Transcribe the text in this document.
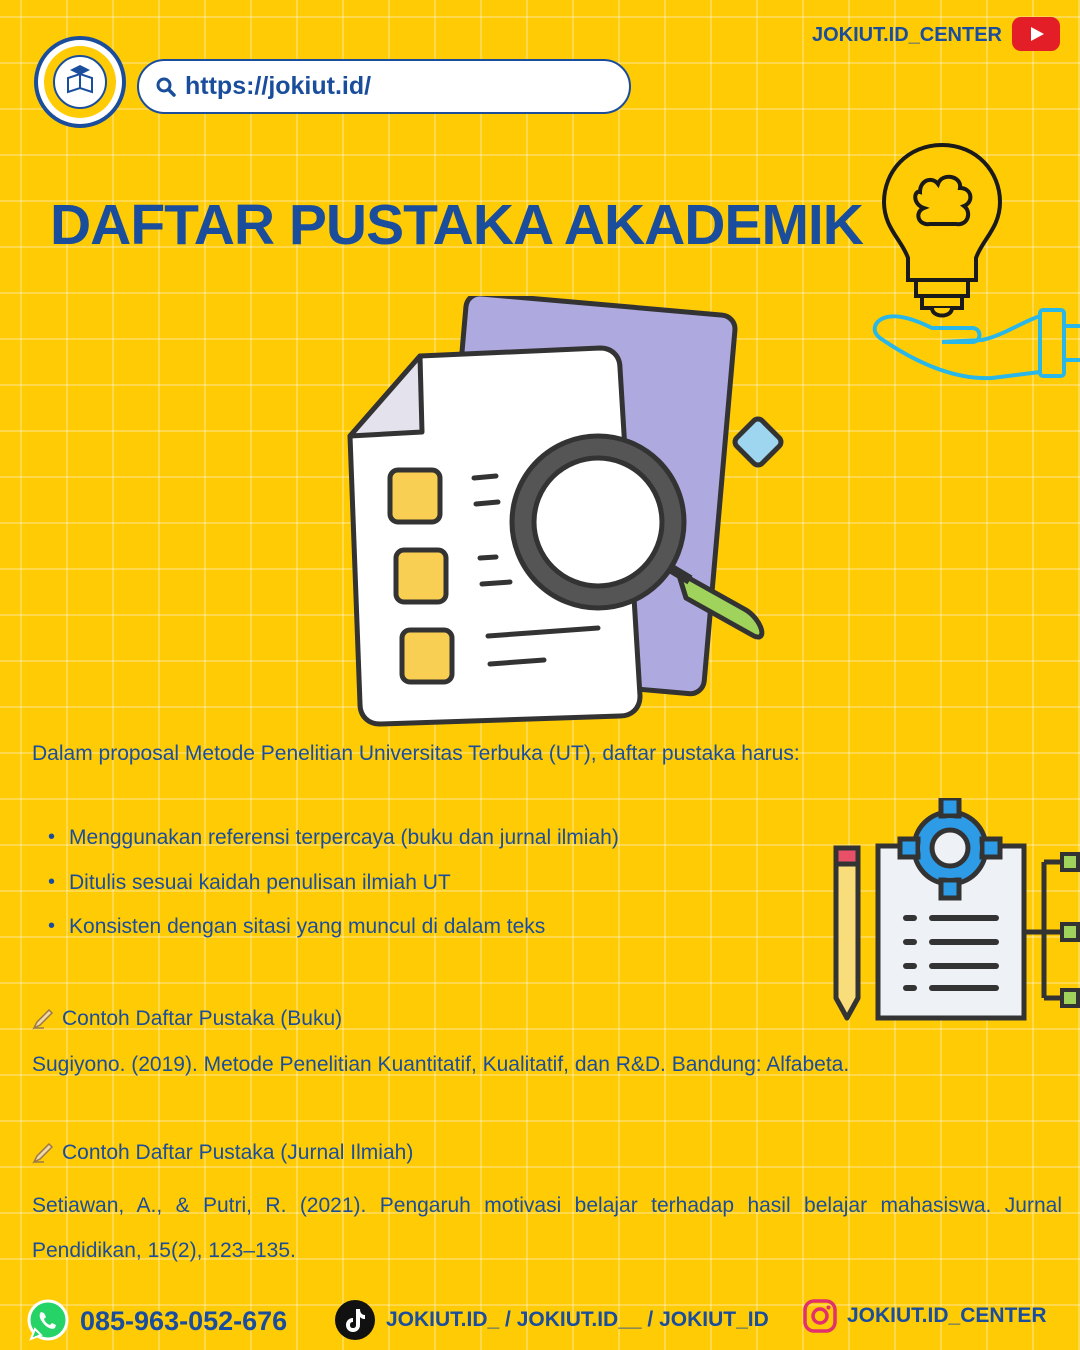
https://jokiut.id/
JOKIUT.ID_CENTER
DAFTAR PUSTAKA AKADEMIK
Dalam proposal Metode Penelitian Universitas Terbuka (UT), daftar pustaka harus:
• Menggunakan referensi terpercaya (buku dan jurnal ilmiah)
• Ditulis sesuai kaidah penulisan ilmiah UT
• Konsisten dengan sitasi yang muncul di dalam teks
Contoh Daftar Pustaka (Buku)
Sugiyono. (2019). Metode Penelitian Kuantitatif, Kualitatif, dan R&D. Bandung: Alfabeta.
Contoh Daftar Pustaka (Jurnal Ilmiah)
Setiawan, A., & Putri, R. (2021). Pengaruh motivasi belajar terhadap hasil belajar mahasiswa. Jurnal Pendidikan, 15(2), 123–135.
085-963-052-676	JOKIUT.ID_ / JOKIUT.ID__ / JOKIUT_ID	JOKIUT.ID_CENTER
